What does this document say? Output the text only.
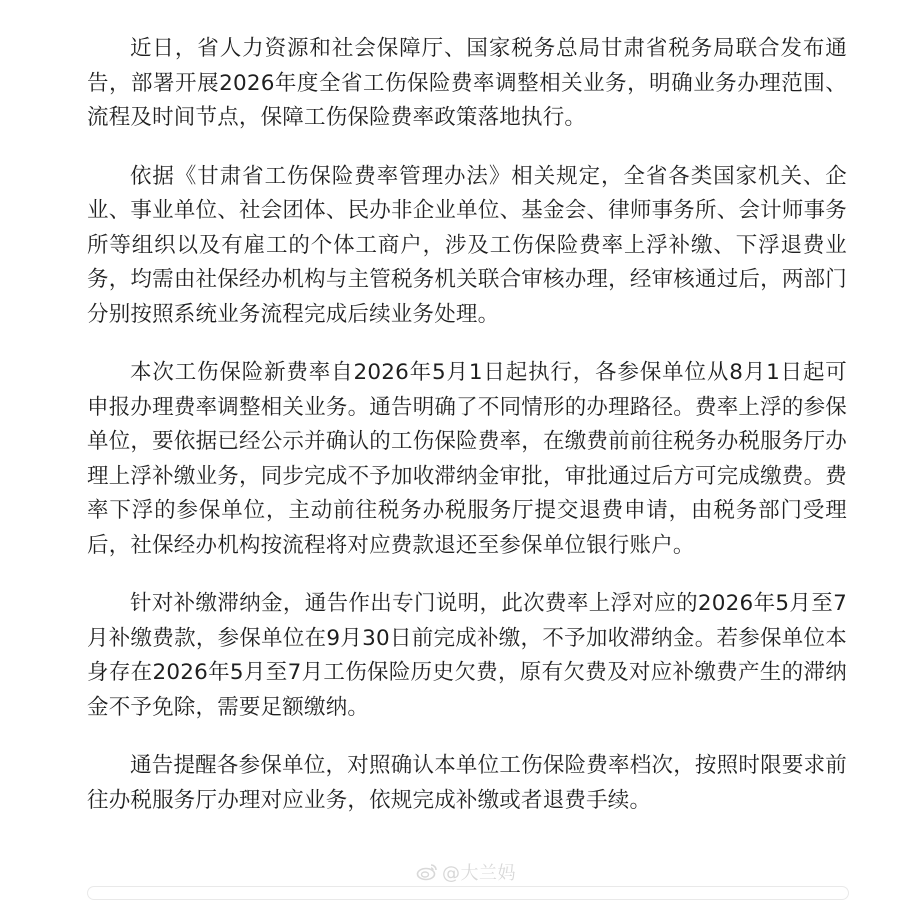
近日，省人力资源和社会保障厅、国家税务总局甘肃省税务局联合发布通告，部署开展2026年度全省工伤保险费率调整相关业务，明确业务办理范围、流程及时间节点，保障工伤保险费率政策落地执行。

依据《甘肃省工伤保险费率管理办法》相关规定，全省各类国家机关、企业、事业单位、社会团体、民办非企业单位、基金会、律师事务所、会计师事务所等组织以及有雇工的个体工商户，涉及工伤保险费率上浮补缴、下浮退费业务，均需由社保经办机构与主管税务机关联合审核办理，经审核通过后，两部门分别按照系统业务流程完成后续业务处理。

本次工伤保险新费率自2026年5月1日起执行，各参保单位从8月1日起可申报办理费率调整相关业务。通告明确了不同情形的办理路径。费率上浮的参保单位，要依据已经公示并确认的工伤保险费率，在缴费前前往税务办税服务厅办理上浮补缴业务，同步完成不予加收滞纳金审批，审批通过后方可完成缴费。费率下浮的参保单位，主动前往税务办税服务厅提交退费申请，由税务部门受理后，社保经办机构按流程将对应费款退还至参保单位银行账户。

针对补缴滞纳金，通告作出专门说明，此次费率上浮对应的2026年5月至7月补缴费款，参保单位在9月30日前完成补缴，不予加收滞纳金。若参保单位本身存在2026年5月至7月工伤保险历史欠费，原有欠费及对应补缴费产生的滞纳金不予免除，需要足额缴纳。

通告提醒各参保单位，对照确认本单位工伤保险费率档次，按照时限要求前往办税服务厅办理对应业务，依规完成补缴或者退费手续。

@大兰妈
